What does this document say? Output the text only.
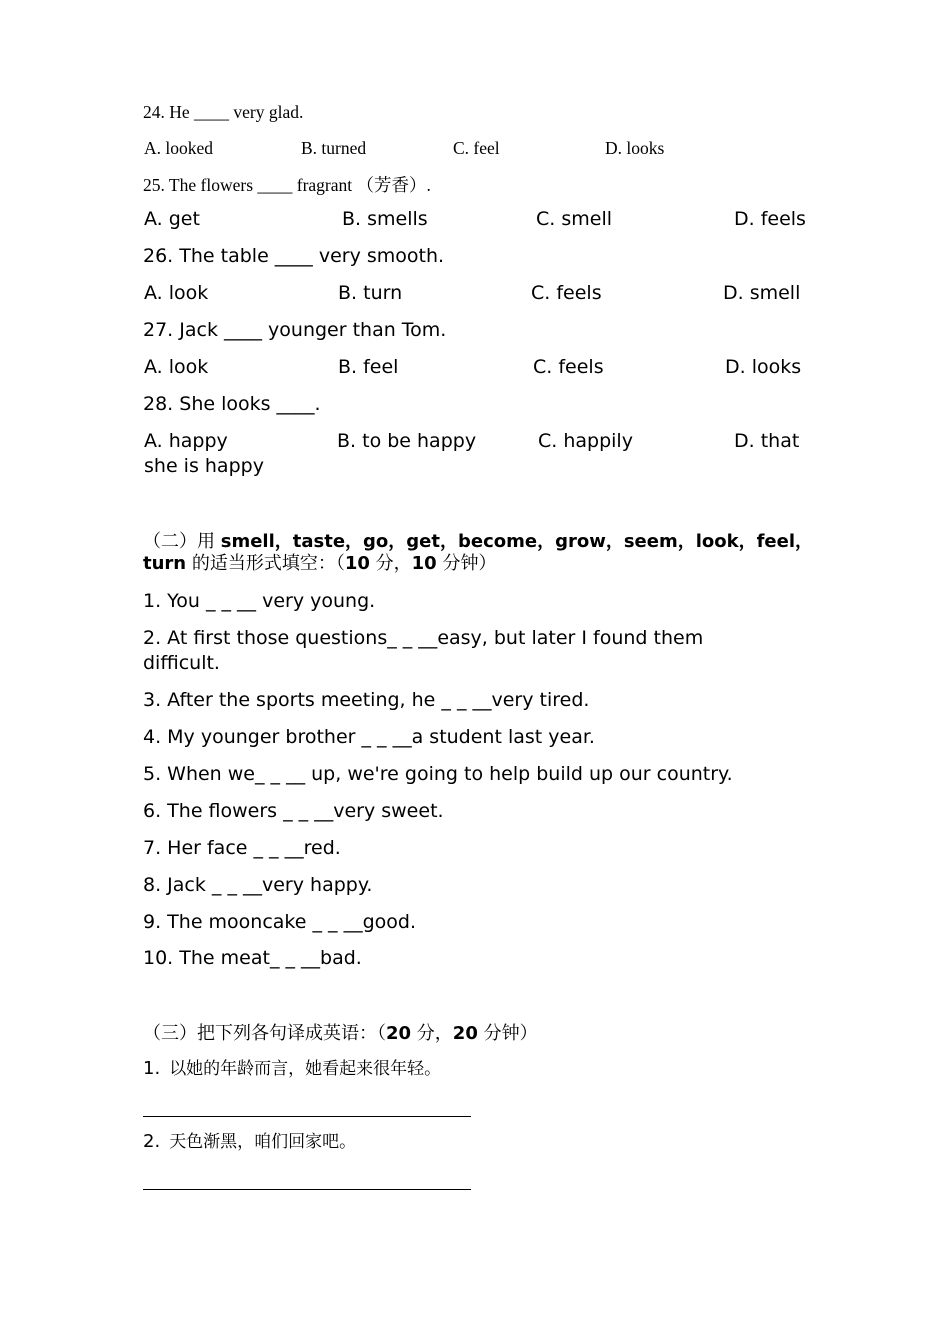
24. He ____ very glad.
A. looked	B. turned	C. feel	D. looks
25. The flowers ____ fragrant （芳香）.
A. get	B. smells	C. smell	D. feels
26. The table ____ very smooth.
A. look	B. turn	C. feels	D. smell
27. Jack ____ younger than Tom.
A. look	B. feel	C. feels	D. looks
28. She looks ____.
A. happy	B. to be happy	C. happily	D. that
she is happy
（二）用 smell，taste，go，get，become，grow，seem，look，feel，
turn 的适当形式填空：（10 分，10 分钟）
1. You _ _ __ very young.
2. At first those questions_ _ __easy, but later I found them
difficult.
3. After the sports meeting, he _ _ __very tired.
4. My younger brother _ _ __a student last year.
5. When we_ _ __ up, we're going to help build up our country.
6. The flowers _ _ __very sweet.
7. Her face _ _ __red.
8. Jack _ _ __very happy.
9. The mooncake _ _ __good.
10. The meat_ _ __bad.
（三）把下列各句译成英语：（20 分，20 分钟）
1.  以她的年龄而言，她看起来很年轻。
2.  天色渐黑，咱们回家吧。
